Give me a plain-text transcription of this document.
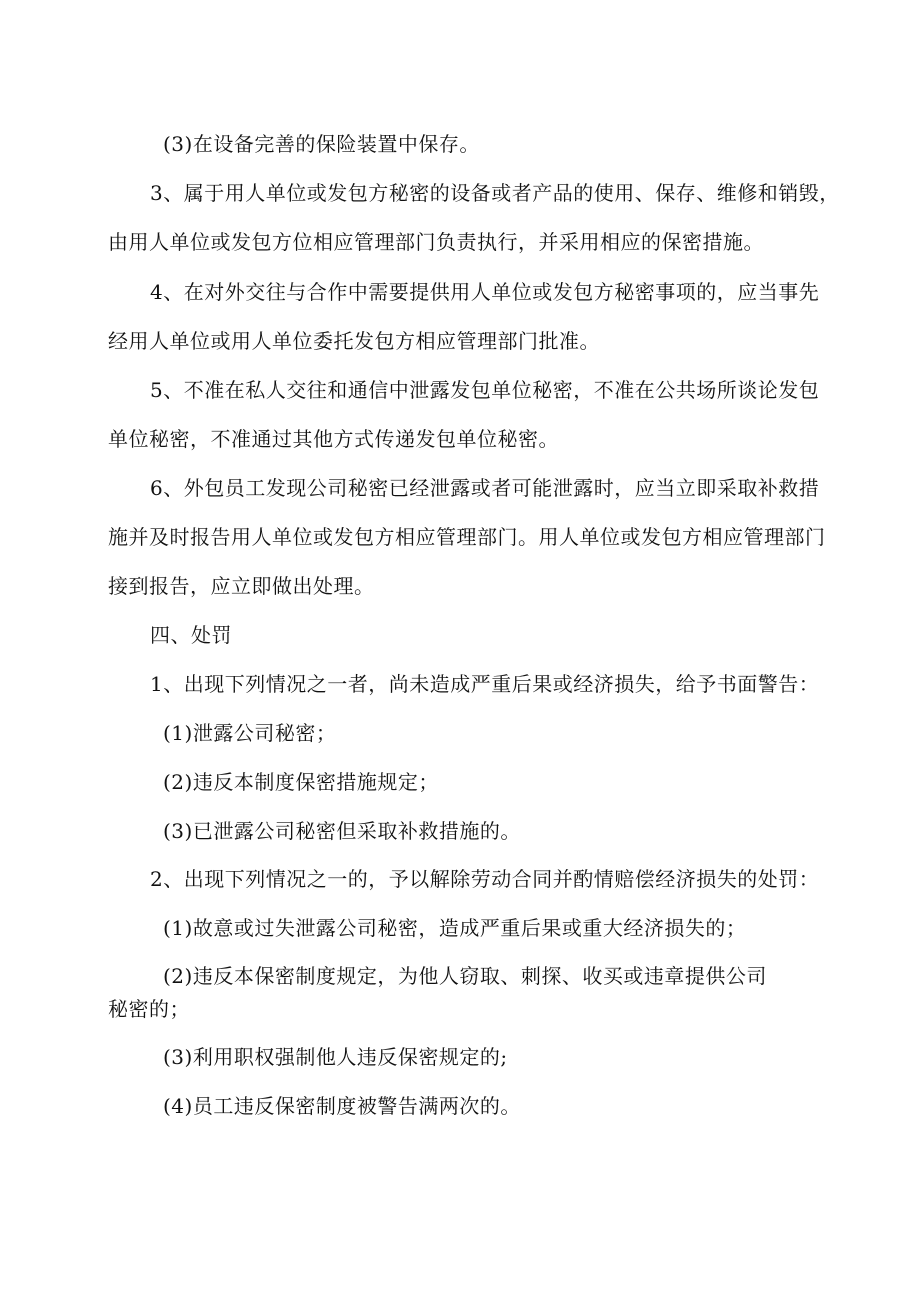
(3)在设备完善的保险装置中保存。
3、属于用人单位或发包方秘密的设备或者产品的使用、保存、维修和销毁，
由用人单位或发包方位相应管理部门负责执行，并采用相应的保密措施。
4、在对外交往与合作中需要提供用人单位或发包方秘密事项的，应当事先
经用人单位或用人单位委托发包方相应管理部门批准。
5、不准在私人交往和通信中泄露发包单位秘密，不准在公共场所谈论发包
单位秘密，不准通过其他方式传递发包单位秘密。
6、外包员工发现公司秘密已经泄露或者可能泄露时，应当立即采取补救措
施并及时报告用人单位或发包方相应管理部门。用人单位或发包方相应管理部门
接到报告，应立即做出处理。
四、处罚
1、出现下列情况之一者，尚未造成严重后果或经济损失，给予书面警告：
(1)泄露公司秘密；
(2)违反本制度保密措施规定；
(3)已泄露公司秘密但采取补救措施的。
2、出现下列情况之一的，予以解除劳动合同并酌情赔偿经济损失的处罚：
(1)故意或过失泄露公司秘密，造成严重后果或重大经济损失的；
(2)违反本保密制度规定，为他人窃取、刺探、收买或违章提供公司
秘密的；
(3)利用职权强制他人违反保密规定的;
(4)员工违反保密制度被警告满两次的。
